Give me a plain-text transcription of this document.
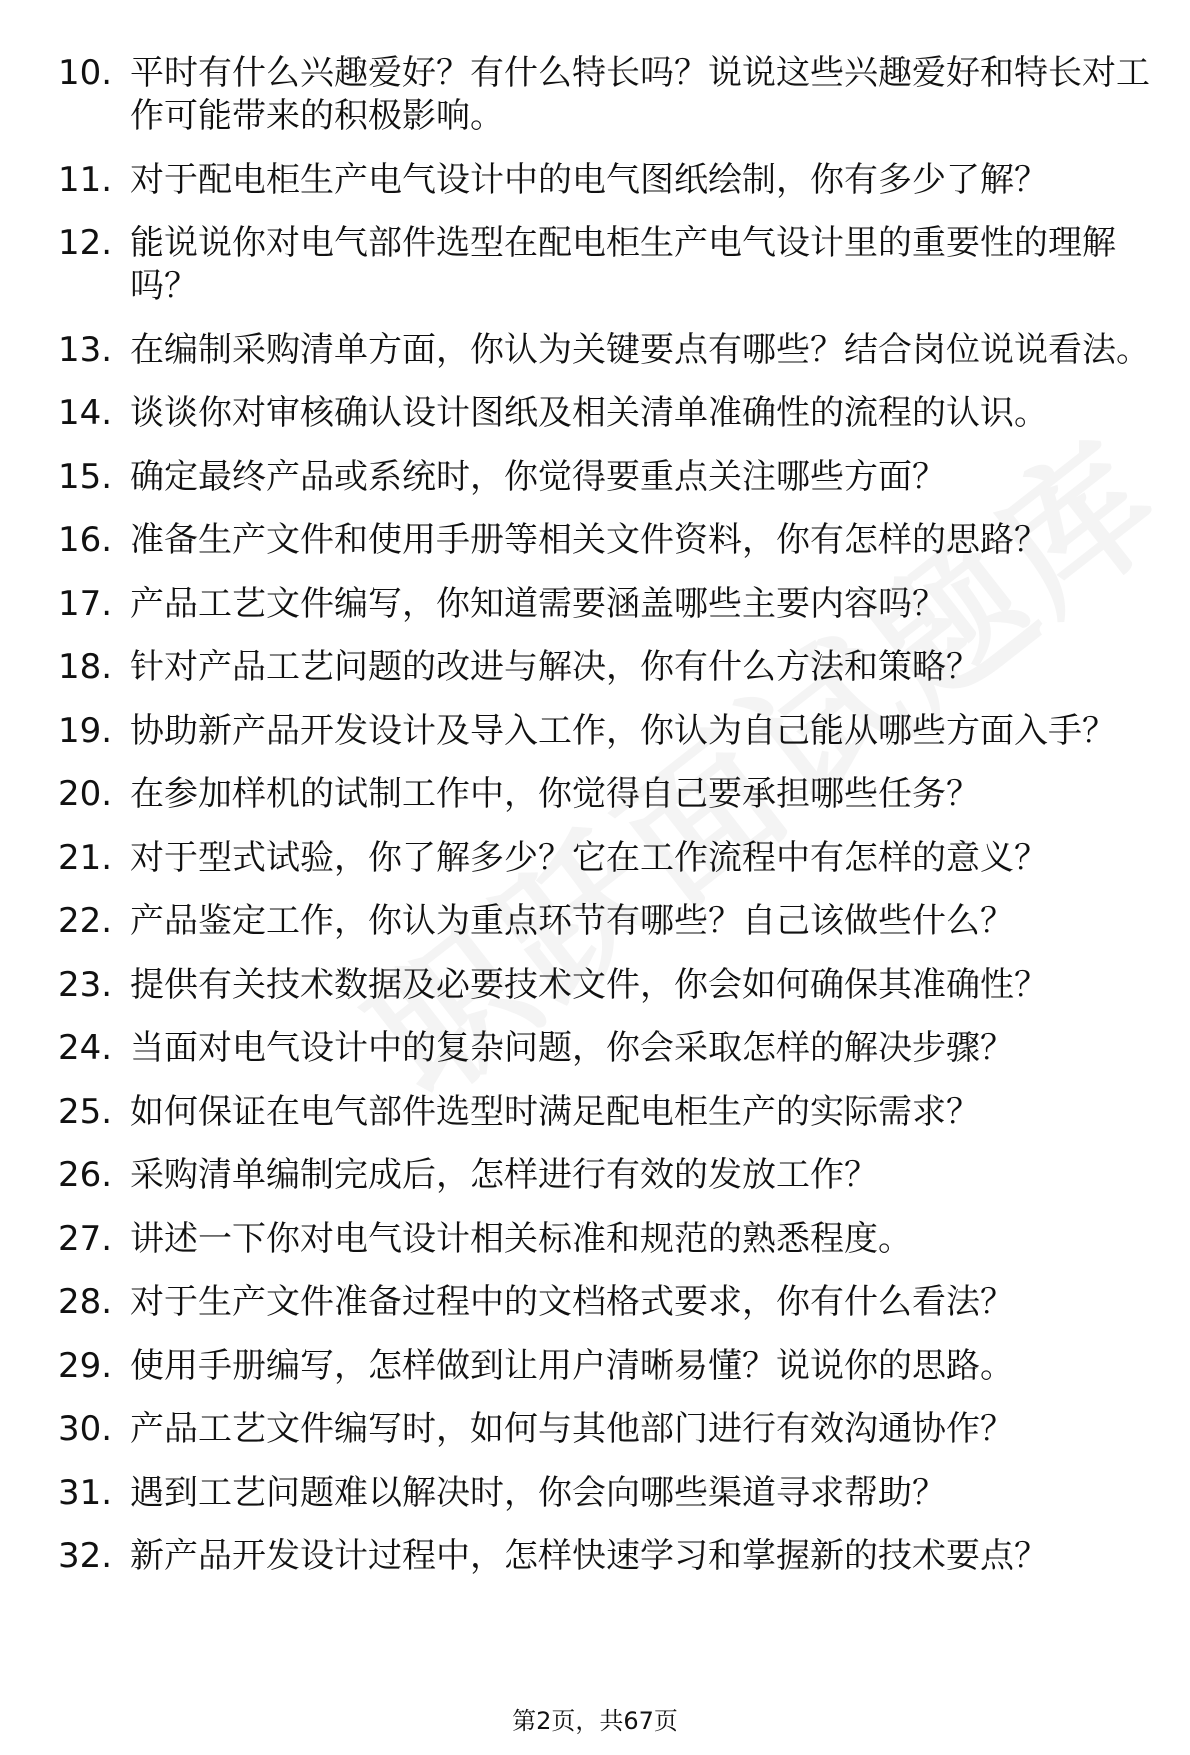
10. 平时有什么兴趣爱好？有什么特长吗？说说这些兴趣爱好和特长对工作可能带来的积极影响。
11. 对于配电柜生产电气设计中的电气图纸绘制，你有多少了解？
12. 能说说你对电气部件选型在配电柜生产电气设计里的重要性的理解吗？
13. 在编制采购清单方面，你认为关键要点有哪些？结合岗位说说看法。
14. 谈谈你对审核确认设计图纸及相关清单准确性的流程的认识。
15. 确定最终产品或系统时，你觉得要重点关注哪些方面？
16. 准备生产文件和使用手册等相关文件资料，你有怎样的思路？
17. 产品工艺文件编写，你知道需要涵盖哪些主要内容吗？
18. 针对产品工艺问题的改进与解决，你有什么方法和策略？
19. 协助新产品开发设计及导入工作，你认为自己能从哪些方面入手？
20. 在参加样机的试制工作中，你觉得自己要承担哪些任务？
21. 对于型式试验，你了解多少？它在工作流程中有怎样的意义？
22. 产品鉴定工作，你认为重点环节有哪些？自己该做些什么？
23. 提供有关技术数据及必要技术文件，你会如何确保其准确性？
24. 当面对电气设计中的复杂问题，你会采取怎样的解决步骤？
25. 如何保证在电气部件选型时满足配电柜生产的实际需求？
26. 采购清单编制完成后，怎样进行有效的发放工作？
27. 讲述一下你对电气设计相关标准和规范的熟悉程度。
28. 对于生产文件准备过程中的文档格式要求，你有什么看法？
29. 使用手册编写，怎样做到让用户清晰易懂？说说你的思路。
30. 产品工艺文件编写时，如何与其他部门进行有效沟通协作？
31. 遇到工艺问题难以解决时，你会向哪些渠道寻求帮助？
32. 新产品开发设计过程中，怎样快速学习和掌握新的技术要点？
第2页，共67页
